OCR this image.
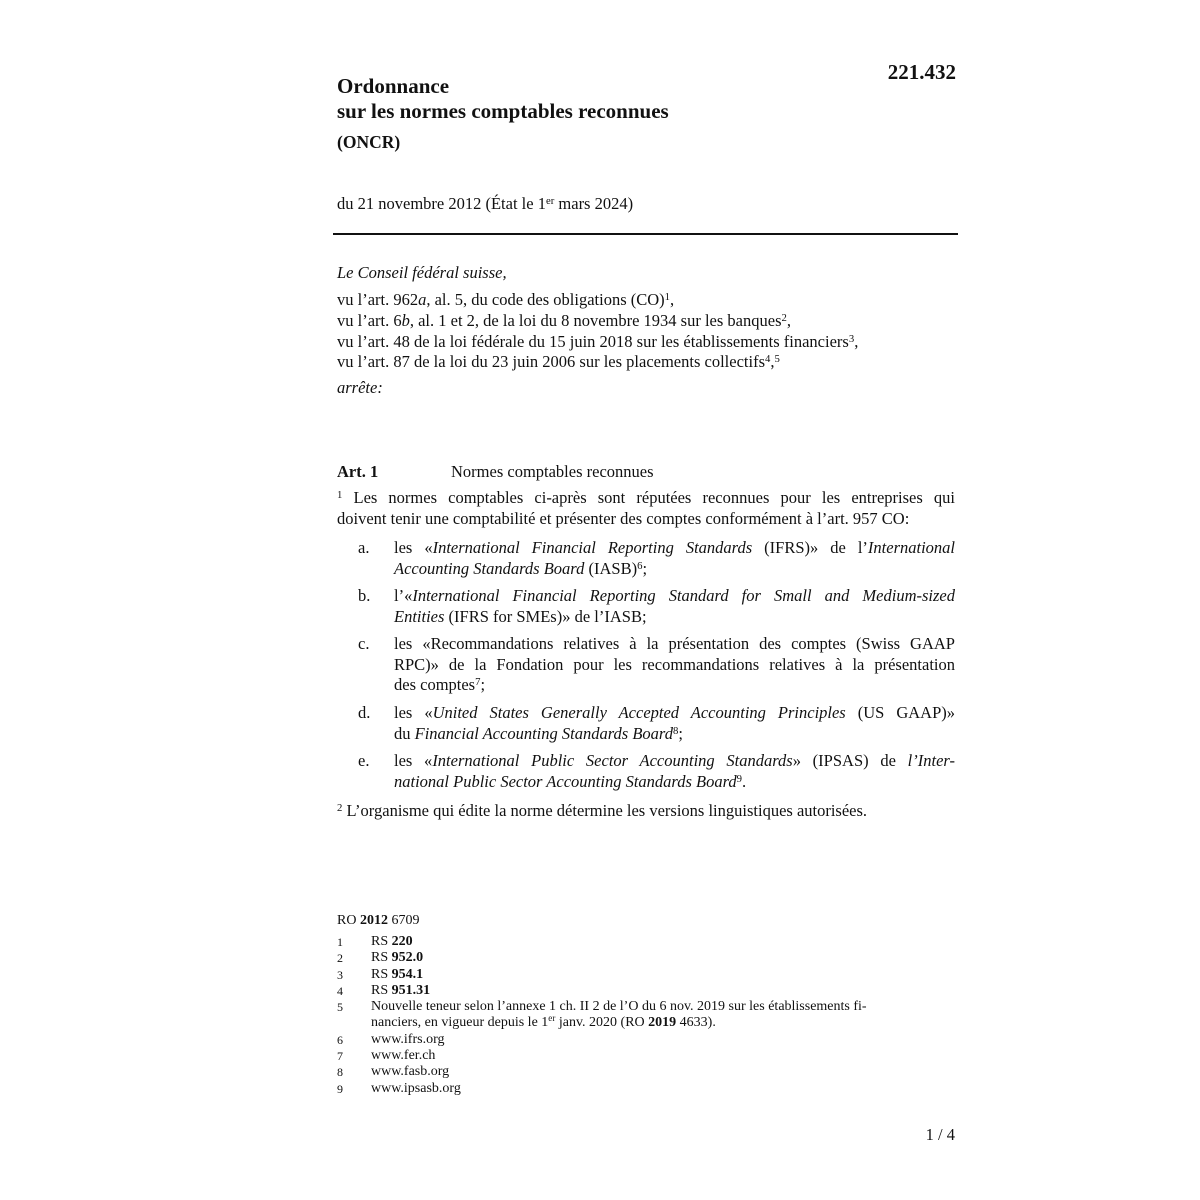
221.432
Ordonnance
sur les normes comptables reconnues
(ONCR)
du 21 novembre 2012 (État le 1er mars 2024)
Le Conseil fédéral suisse,
vu l’art. 962a, al. 5, du code des obligations (CO)$^1$,
vu l’art. 6b, al. 1 et 2, de la loi du 8 novembre 1934 sur les banques$^2$,
vu l’art. 48 de la loi fédérale du 15 juin 2018 sur les établissements financiers$^3$,
vu l’art. 87 de la loi du 23 juin 2006 sur les placements collectifs$^4$,$^5$
arrête:
Art. 1	Normes comptables reconnues
$^1$ Les normes comptables ci-après sont réputées reconnues pour les entreprises qui
doivent tenir une comptabilité et présenter des comptes conformément à l’art. 957 CO:
a. les «International Financial Reporting Standards (IFRS)» de l’International
Accounting Standards Board (IASB)$^6$;
b. l’«International Financial Reporting Standard for Small and Medium-sized
Entities (IFRS for SMEs)» de l’IASB;
c. les «Recommandations relatives à la présentation des comptes (Swiss GAAP
RPC)» de la Fondation pour les recommandations relatives à la présentation
des comptes$^7$;
d. les «United States Generally Accepted Accounting Principles (US GAAP)»
du Financial Accounting Standards Board$^8$;
e. les «International Public Sector Accounting Standards» (IPSAS) de l’Inter-
national Public Sector Accounting Standards Board$^9$.
$^2$ L’organisme qui édite la norme détermine les versions linguistiques autorisées.
RO 2012 6709
1 RS 220
2 RS 952.0
3 RS 954.1
4 RS 951.31
5 Nouvelle teneur selon l’annexe 1 ch. II 2 de l’O du 6 nov. 2019 sur les établissements fi-
nanciers, en vigueur depuis le 1er janv. 2020 (RO 2019 4633).
6 www.ifrs.org
7 www.fer.ch
8 www.fasb.org
9 www.ipsasb.org
1 / 4
